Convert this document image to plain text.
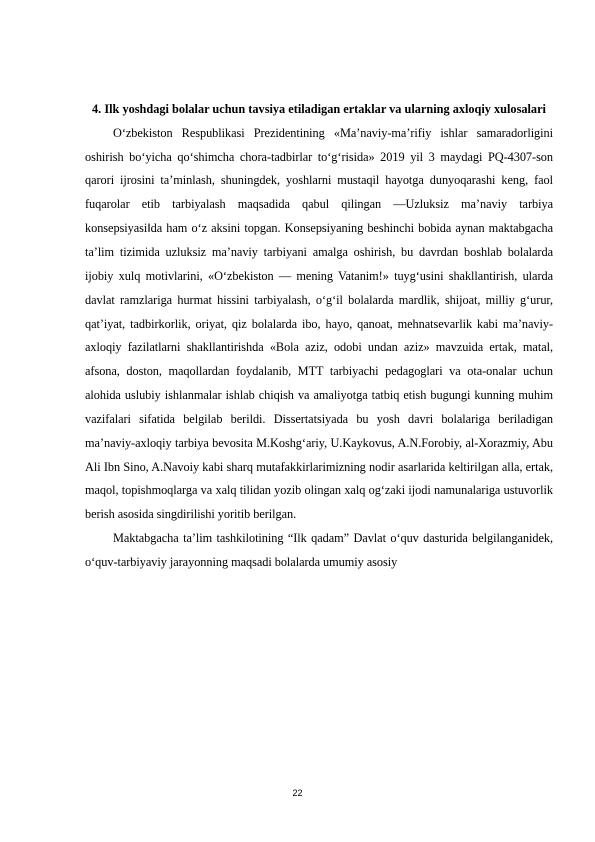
4. Ilk yoshdagi bolalar uchun tavsiya etiladigan ertaklar va ularning axloqiy xulosalari

O‘zbekiston Respublikasi Prezidentining «Ma’naviy-ma’rifiy ishlar samaradorligini oshirish bo‘yicha qo‘shimcha chora-tadbirlar to‘g‘risida» 2019 yil 3 maydagi PQ-4307-son qarori ijrosini ta’minlash, shuningdek, yoshlarni mustaqil hayotga dunyoqarashi keng, faol fuqarolar etib tarbiyalash maqsadida qabul qilingan ―Uzluksiz ma’naviy tarbiya konsepsiyasi‖da ham o‘z aksini topgan. Konsepsiyaning beshinchi bobida aynan maktabgacha ta’lim tizimida uzluksiz ma’naviy tarbiyani amalga oshirish, bu davrdan boshlab bolalarda ijobiy xulq motivlarini, «O‘zbekiston — mening Vatanim!» tuyg‘usini shakllantirish, ularda davlat ramzlariga hurmat hissini tarbiyalash, o‘g‘il bolalarda mardlik, shijoat, milliy g‘urur, qat’iyat, tadbirkorlik, oriyat, qiz bolalarda ibo, hayo, qanoat, mehnatsevarlik kabi ma’naviy-axloqiy fazilatlarni shakllantirishda «Bola aziz, odobi undan aziz» mavzuida ertak, matal, afsona, doston, maqollardan foydalanib, MTT tarbiyachi pedagoglari va ota-onalar uchun alohida uslubiy ishlanmalar ishlab chiqish va amaliyotga tatbiq etish bugungi kunning muhim vazifalari sifatida belgilab berildi. Dissertatsiyada bu yosh davri bolalariga beriladigan ma’naviy-axloqiy tarbiya bevosita M.Koshg‘ariy, U.Kaykovus, A.N.Forobiy, al-Xorazmiy, Abu Ali Ibn Sino, A.Navoiy kabi sharq mutafakkirlarimizning nodir asarlarida keltirilgan alla, ertak, maqol, topishmoqlarga va xalq tilidan yozib olingan xalq og‘zaki ijodi namunalariga ustuvorlik berish asosida singdirilishi yoritib berilgan.

Maktabgacha ta’lim tashkilotining “Ilk qadam” Davlat o‘quv dasturida belgilanganidek, o‘quv-tarbiyaviy jarayonning maqsadi bolalarda umumiy asosiy

22
